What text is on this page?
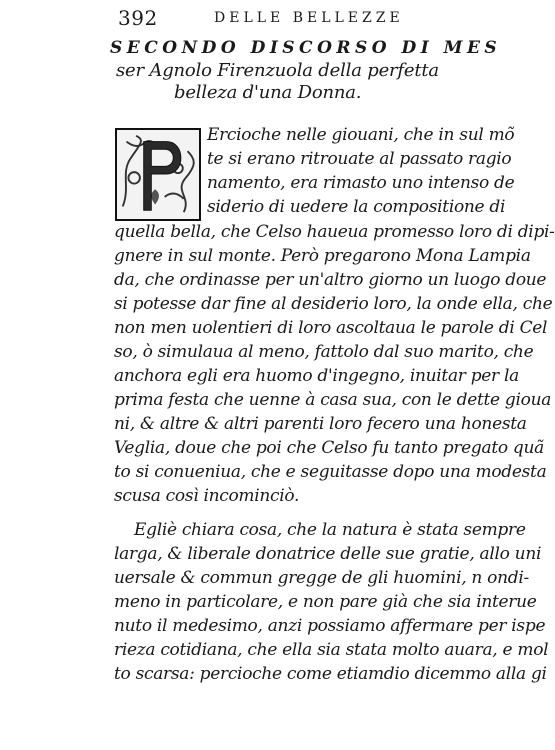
392	DELLE BELLEZZE
SECONDO DISCORSO DI MES
ser Agnolo Firenzuola della perfetta
belleza d'una Donna.
Ercioche nelle giouani, che in sul mõ
te si erano ritrouate al passato ragio
namento, era rimasto uno intenso de
siderio di uedere la compositione di
quella bella, che Celso haueua promesso loro di dipi-
gnere in sul monte. Però pregarono Mona Lampia
da, che ordinasse per un'altro giorno un luogo doue
si potesse dar fine al desiderio loro, la onde ella, che
non men uolentieri di loro ascoltaua le parole di Cel
so, ò simulaua al meno, fattolo dal suo marito, che
anchora egli era huomo d'ingegno, inuitar per la
prima festa che uenne à casa sua, con le dette gioua
ni, & altre & altri parenti loro fecero una honesta
Veglia, doue che poi che Celso fu tanto pregato quã
to si conueniua, che e seguitasse dopo una modesta
scusa così incominciò.
Egliè chiara cosa, che la natura è stata sempre
larga, & liberale donatrice delle sue gratie, allo uni
uersale & commun gregge de gli huomini, n ondi-
meno in particolare, e non pare già che sia interue
nuto il medesimo, anzi possiamo affermare per ispe
rieza cotidiana, che ella sia stata molto auara, e mol
to scarsa: percioche come etiamdio dicemmo alla gi
